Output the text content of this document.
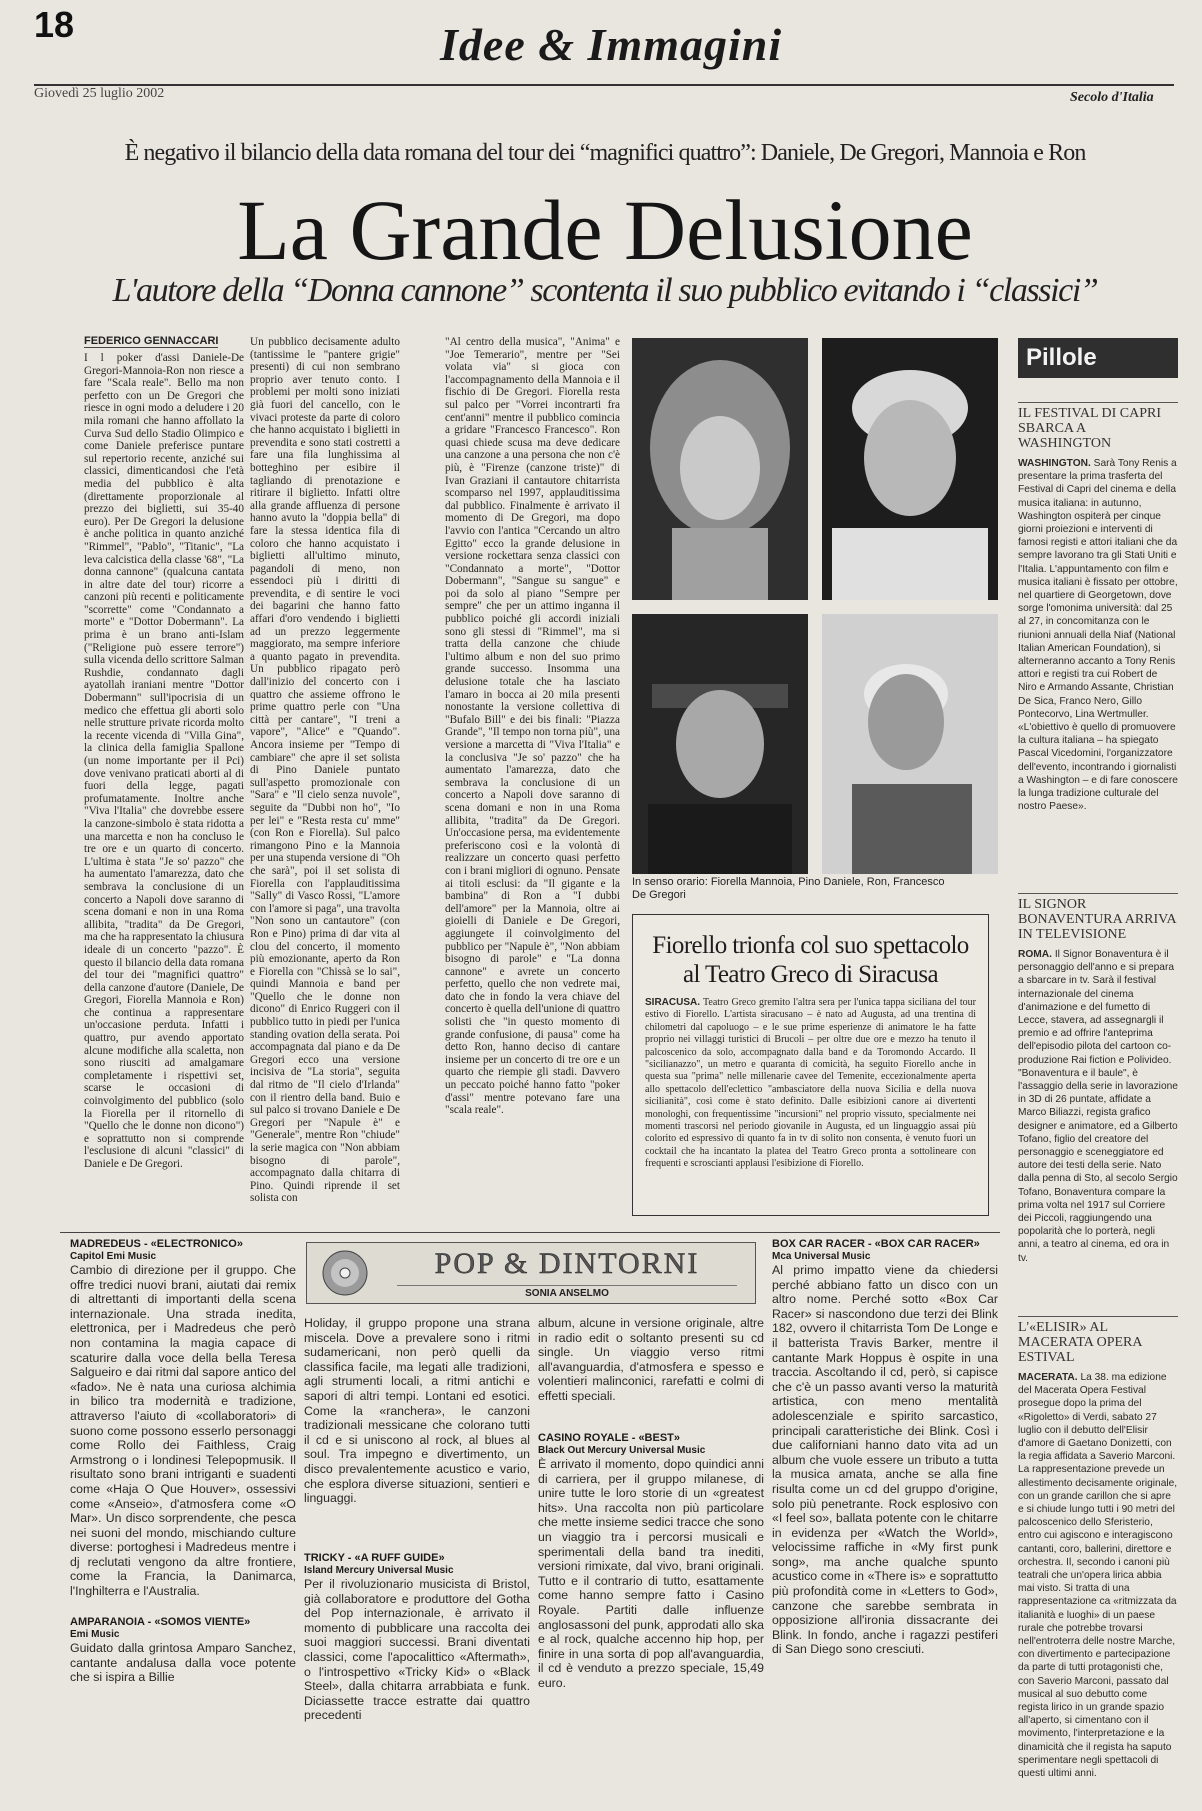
18	Idee & Immagini
Giovedì 25 luglio 2002	Secolo d'Italia
È negativo il bilancio della data romana del tour dei “magnifici quattro”: Daniele, De Gregori, Mannoia e Ron
La Grande Delusione
L'autore della “Donna cannone” scontenta il suo pubblico evitando i “classici”
FEDERICO GENNACCARI
I l poker d'assi Daniele-De Gregori-Mannoia-Ron non riesce a fare "Scala reale". Bello ma non perfetto con un De Gregori che riesce in ogni modo a deludere i 20 mila romani che hanno affollato la Curva Sud dello Stadio Olimpico e come Daniele preferisce puntare sul repertorio recente, anziché sui classici, dimenticandosi che l'età media del pubblico è alta (direttamente proporzionale al prezzo dei biglietti, sui 35-40 euro). Per De Gregori la delusione è anche politica in quanto anziché "Rimmel", "Pablo", "Titanic", "La leva calcistica della classe '68", "La donna cannone" (qualcuna cantata in altre date del tour) ricorre a canzoni più recenti e politicamente "scorrette" come "Condannato a morte" e "Dottor Dobermann". La prima è un brano anti-Islam ("Religione può essere terrore") sulla vicenda dello scrittore Salman Rushdie, condannato dagli ayatollah iraniani mentre "Dottor Dobermann" sull'ipocrisia di un medico che effettua gli aborti solo nelle strutture private ricorda molto la recente vicenda di "Villa Gina", la clinica della famiglia Spallone (un nome importante per il Pci) dove venivano praticati aborti al di fuori della legge, pagati profumatamente. Inoltre anche "Viva l'Italia" che dovrebbe essere la canzone-simbolo è stata ridotta a una marcetta e non ha concluso le tre ore e un quarto di concerto. L'ultima è stata "Je so' pazzo" che ha aumentato l'amarezza, dato che sembrava la conclusione di un concerto a Napoli dove saranno di scena domani e non in una Roma allibita, "tradita" da De Gregori, ma che ha rappresentato la chiusura ideale di un concerto "pazzo". È questo il bilancio della data romana del tour dei "magnifici quattro" della canzone d'autore (Daniele, De Gregori, Fiorella Mannoia e Ron) che continua a rappresentare un'occasione perduta. Infatti i quattro, pur avendo apportato alcune modifiche alla scaletta, non sono riusciti ad amalgamare completamente i rispettivi set, scarse le occasioni di coinvolgimento del pubblico (solo la Fiorella per il ritornello di "Quello che le donne non dicono") e soprattutto non si comprende l'esclusione di alcuni "classici" di Daniele e De Gregori.
Un pubblico decisamente adulto (tantissime le "pantere grigie" presenti) di cui non sembrano proprio aver tenuto conto. I problemi per molti sono iniziati già fuori del cancello, con le vivaci proteste da parte di coloro che hanno acquistato i biglietti in prevendita e sono stati costretti a fare una fila lunghissima al botteghino per esibire il tagliando di prenotazione e ritirare il biglietto. Infatti oltre alla grande affluenza di persone hanno avuto la "doppia bella" di fare la stessa identica fila di coloro che hanno acquistato i biglietti all'ultimo minuto, pagandoli di meno, non essendoci più i diritti di prevendita, e di sentire le voci dei bagarini che hanno fatto affari d'oro vendendo i biglietti ad un prezzo leggermente maggiorato, ma sempre inferiore a quanto pagato in prevendita. Un pubblico ripagato però dall'inizio del concerto con i quattro che assieme offrono le prime quattro perle con "Una città per cantare", "I treni a vapore", "Alice" e "Quando". Ancora insieme per "Tempo di cambiare" che apre il set solista di Pino Daniele puntato sull'aspetto promozionale con "Sara" e "Il cielo senza nuvole", seguite da "Dubbi non ho", "Io per lei" e "Resta resta cu' mme" (con Ron e Fiorella). Sul palco rimangono Pino e la Mannoia per una stupenda versione di "Oh che sarà", poi il set solista di Fiorella con l'applauditissima "Sally" di Vasco Rossi, "L'amore con l'amore si paga", una travolta "Non sono un cantautore" (con Ron e Pino) prima di dar vita al clou del concerto, il momento più emozionante, aperto da Ron e Fiorella con "Chissà se lo sai", quindi Mannoia e band per "Quello che le donne non dicono" di Enrico Ruggeri con il pubblico tutto in piedi per l'unica standing ovation della serata. Poi accompagnata dal piano e da De Gregori ecco una versione incisiva de "La storia", seguita dal ritmo de "Il cielo d'Irlanda" con il rientro della band. Buio e sul palco si trovano Daniele e De Gregori per "Napule è" e "Generale", mentre Ron "chiude" la serie magica con "Non abbiam bisogno di parole", accompagnato dalla chitarra di Pino. Quindi riprende il set solista con
"Al centro della musica", "Anima" e "Joe Temerario", mentre per "Sei volata via" si gioca con l'accompagnamento della Mannoia e il fischio di De Gregori. Fiorella resta sul palco per "Vorrei incontrarti fra cent'anni" mentre il pubblico comincia a gridare "Francesco Francesco". Ron quasi chiede scusa ma deve dedicare una canzone a una persona che non c'è più, è "Firenze (canzone triste)" di Ivan Graziani il cantautore chitarrista scomparso nel 1997, applauditissima dal pubblico. Finalmente è arrivato il momento di De Gregori, ma dopo l'avvio con l'antica "Cercando un altro Egitto" ecco la grande delusione in versione rockettara senza classici con "Condannato a morte", "Dottor Dobermann", "Sangue su sangue" e poi da solo al piano "Sempre per sempre" che per un attimo inganna il pubblico poiché gli accordi iniziali sono gli stessi di "Rimmel", ma si tratta della canzone che chiude l'ultimo album e non del suo primo grande successo. Insomma una delusione totale che ha lasciato l'amaro in bocca ai 20 mila presenti nonostante la versione collettiva di "Bufalo Bill" e dei bis finali: "Piazza Grande", "Il tempo non torna più", una versione a marcetta di "Viva l'Italia" e la conclusiva "Je so' pazzo" che ha aumentato l'amarezza, dato che sembrava la conclusione di un concerto a Napoli dove saranno di scena domani e non in una Roma allibita, "tradita" da De Gregori. Un'occasione persa, ma evidentemente preferiscono così e la volontà di realizzare un concerto quasi perfetto con i brani migliori di ognuno. Pensate ai titoli esclusi: da "Il gigante e la bambina" di Ron a "I dubbi dell'amore" per la Mannoia, oltre ai gioielli di Daniele e De Gregori, aggiungete il coinvolgimento del pubblico per "Napule è", "Non abbiam bisogno di parole" e "La donna cannone" e avrete un concerto perfetto, quello che non vedrete mai, dato che in fondo la vera chiave del concerto è quella dell'unione di quattro solisti che "in questo momento di grande confusione, di pausa" come ha detto Ron, hanno deciso di cantare insieme per un concerto di tre ore e un quarto che riempie gli stadi. Davvero un peccato poiché hanno fatto "poker d'assi" mentre potevano fare una "scala reale".
In senso orario: Fiorella Mannoia, Pino Daniele, Ron, Francesco De Gregori
Fiorello trionfa col suo spettacolo al Teatro Greco di Siracusa
SIRACUSA. Teatro Greco gremito l'altra sera per l'unica tappa siciliana del tour estivo di Fiorello. L'artista siracusano – è nato ad Augusta, ad una trentina di chilometri dal capoluogo – e le sue prime esperienze di animatore le ha fatte proprio nei villaggi turistici di Brucoli – per oltre due ore e mezzo ha tenuto il palcoscenico da solo, accompagnato dalla band e da Toromondo Accardo. Il "sicilianazzo", un metro e quaranta di comicità, ha seguito Fiorello anche in questa sua "prima" nelle millenarie cavee del Temenite, eccezionalmente aperta allo spettacolo dell'eclettico "ambasciatore della nuova Sicilia e della nuova sicilianità", così come è stato definito. Dalle esibizioni canore ai divertenti monologhi, con frequentissime "incursioni" nel proprio vissuto, specialmente nei momenti trascorsi nel periodo giovanile in Augusta, ed un linguaggio assai più colorito ed espressivo di quanto fa in tv di solito non consenta, è venuto fuori un cocktail che ha incantato la platea del Teatro Greco pronta a sottolineare con frequenti e scroscianti applausi l'esibizione di Fiorello.
Pillole
IL FESTIVAL DI CAPRI SBARCA A WASHINGTON
WASHINGTON. Sarà Tony Renis a presentare la prima trasferta del Festival di Capri del cinema e della musica italiana: in autunno, Washington ospiterà per cinque giorni proiezioni e interventi di famosi registi e attori italiani che da sempre lavorano tra gli Stati Uniti e l'Italia. L'appuntamento con film e musica italiani è fissato per ottobre, nel quartiere di Georgetown, dove sorge l'omonima università: dal 25 al 27, in concomitanza con le riunioni annuali della Niaf (National Italian American Foundation), si alterneranno accanto a Tony Renis attori e registi tra cui Robert de Niro e Armando Assante, Christian De Sica, Franco Nero, Gillo Pontecorvo, Lina Wertmuller. «L'obiettivo è quello di promuovere la cultura italiana – ha spiegato Pascal Vicedomini, l'organizzatore dell'evento, incontrando i giornalisti a Washington – e di fare conoscere la lunga tradizione culturale del nostro Paese».
IL SIGNOR BONAVENTURA ARRIVA IN TELEVISIONE
ROMA. Il Signor Bonaventura è il personaggio dell'anno e si prepara a sbarcare in tv. Sarà il festival internazionale del cinema d'animazione e del fumetto di Lecce, stavera, ad assegnargli il premio e ad offrire l'anteprima dell'episodio pilota del cartoon co-produzione Rai fiction e Polivideo. "Bonaventura e il baule", è l'assaggio della serie in lavorazione in 3D di 26 puntate, affidate a Marco Biliazzi, regista grafico designer e animatore, ed a Gilberto Tofano, figlio del creatore del personaggio e sceneggiatore ed autore dei testi della serie. Nato dalla penna di Sto, al secolo Sergio Tofano, Bonaventura compare la prima volta nel 1917 sul Corriere dei Piccoli, raggiungendo una popolarità che lo porterà, negli anni, a teatro al cinema, ed ora in tv.
L'«ELISIR» AL MACERATA OPERA ESTIVAL
MACERATA. La 38. ma edizione del Macerata Opera Festival prosegue dopo la prima del «Rigoletto» di Verdi, sabato 27 luglio con il debutto dell'Elisir d'amore di Gaetano Donizetti, con la regia affidata a Saverio Marconi. La rappresentazione prevede un allestimento decisamente originale, con un grande carillon che si apre e si chiude lungo tutti i 90 metri del palcoscenico dello Sferisterio, entro cui agiscono e interagiscono cantanti, coro, ballerini, direttore e orchestra. Il, secondo i canoni più teatrali che un'opera lirica abbia mai visto. Si tratta di una rappresentazione ca «ritmizzata da italianità e luoghi» di un paese rurale che potrebbe trovarsi nell'entroterra delle nostre Marche, con divertimento e partecipazione da parte di tutti protagonisti che, con Saverio Marconi, passato dal musical al suo debutto come regista lirico in un grande spazio all'aperto, si cimentano con il movimento, l'interpretazione e la dinamicità che il regista ha saputo sperimentare negli spettacoli di questi ultimi anni.
MADREDEUS - «ELECTRONICO»
Capitol Emi Music
Cambio di direzione per il gruppo. Che offre tredici nuovi brani, aiutati dai remix di altrettanti di importanti della scena internazionale. Una strada inedita, elettronica, per i Madredeus che però non contamina la magia capace di scaturire dalla voce della bella Teresa Salgueiro e dai ritmi dal sapore antico del «fado». Ne è nata una curiosa alchimia in bilico tra modernità e tradizione, attraverso l'aiuto di «collaboratori» di suono come possono esserlo personaggi come Rollo dei Faithless, Craig Armstrong o i londinesi Telepopmusik. Il risultato sono brani intriganti e suadenti come «Haja O Que Houver», ossessivi come «Anseio», d'atmosfera come «O Mar». Un disco sorprendente, che pesca nei suoni del mondo, mischiando culture diverse: portoghesi i Madredeus mentre i dj reclutati vengono da altre frontiere, come la Francia, la Danimarca, l'Inghilterra e l'Australia.
AMPARANOIA - «SOMOS VIENTE»
Emi Music
Guidato dalla grintosa Amparo Sanchez, cantante andalusa dalla voce potente che si ispira a Billie
POP & DINTORNI
SONIA ANSELMO
Holiday, il gruppo propone una strana miscela. Dove a prevalere sono i ritmi sudamericani, non però quelli da classifica facile, ma legati alle tradizioni, agli strumenti locali, a ritmi antichi e sapori di altri tempi. Lontani ed esotici. Come la «ranchera», le canzoni tradizionali messicane che colorano tutti il cd e si uniscono al rock, al blues al soul. Tra impegno e divertimento, un disco prevalentemente acustico e vario, che esplora diverse situazioni, sentieri e linguaggi.
TRICKY - «A RUFF GUIDE»
Island Mercury Universal Music
Per il rivoluzionario musicista di Bristol, già collaboratore e produttore del Gotha del Pop internazionale, è arrivato il momento di pubblicare una raccolta dei suoi maggiori successi. Brani diventati classici, come l'apocalittico «Aftermath», o l'introspettivo «Tricky Kid» o «Black Steel», dalla chitarra arrabbiata e funk. Diciassette tracce estratte dai quattro precedenti
album, alcune in versione originale, altre in radio edit o soltanto presenti su cd single. Un viaggio verso ritmi all'avanguardia, d'atmosfera e spesso e volentieri malinconici, rarefatti e colmi di effetti speciali.
CASINO ROYALE - «BEST»
Black Out Mercury Universal Music
È arrivato il momento, dopo quindici anni di carriera, per il gruppo milanese, di unire tutte le loro storie di un «greatest hits». Una raccolta non più particolare che mette insieme sedici tracce che sono un viaggio tra i percorsi musicali e sperimentali della band tra inediti, versioni rimixate, dal vivo, brani originali. Tutto e il contrario di tutto, esattamente come hanno sempre fatto i Casino Royale. Partiti dalle influenze anglosassoni del punk, approdati allo ska e al rock, qualche accenno hip hop, per finire in una sorta di pop all'avanguardia, il cd è venduto a prezzo speciale, 15,49 euro.
BOX CAR RACER - «BOX CAR RACER»
Mca Universal Music
Al primo impatto viene da chiedersi perché abbiano fatto un disco con un altro nome. Perché sotto «Box Car Racer» si nascondono due terzi dei Blink 182, ovvero il chitarrista Tom De Longe e il batterista Travis Barker, mentre il cantante Mark Hoppus è ospite in una traccia. Ascoltando il cd, però, si capisce che c'è un passo avanti verso la maturità artistica, con meno mentalità adolescenziale e spirito sarcastico, principali caratteristiche dei Blink. Così i due californiani hanno dato vita ad un album che vuole essere un tributo a tutta la musica amata, anche se alla fine risulta come un cd del gruppo d'origine, solo più penetrante. Rock esplosivo con «I feel so», ballata potente con le chitarre in evidenza per «Watch the World», velocissime raffiche in «My first punk song», ma anche qualche spunto acustico come in «There is» e soprattutto più profondità come in «Letters to God», canzone che sarebbe sembrata in opposizione all'ironia dissacrante dei Blink. In fondo, anche i ragazzi pestiferi di San Diego sono cresciuti.
